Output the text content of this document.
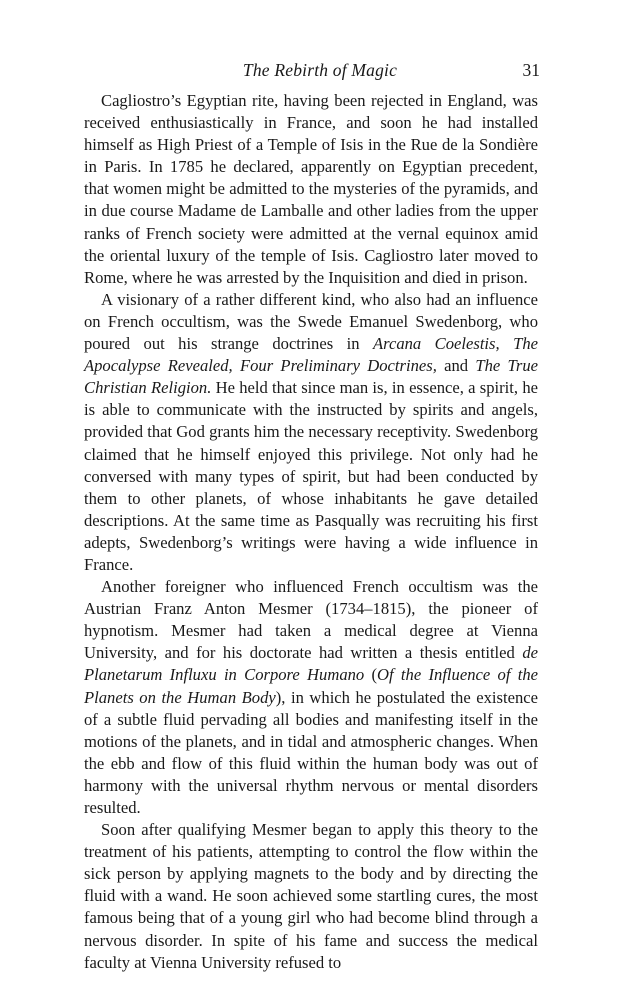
The Rebirth of Magic	31

Cagliostro’s Egyptian rite, having been rejected in England, was received enthusiastically in France, and soon he had installed himself as High Priest of a Temple of Isis in the Rue de la Sondière in Paris. In 1785 he declared, apparently on Egyptian precedent, that women might be admitted to the mysteries of the pyramids, and in due course Madame de Lamballe and other ladies from the upper ranks of French society were admitted at the vernal equinox amid the oriental luxury of the temple of Isis. Cagliostro later moved to Rome, where he was arrested by the Inquisition and died in prison.

A visionary of a rather different kind, who also had an influence on French occultism, was the Swede Emanuel Swedenborg, who poured out his strange doctrines in Arcana Coelestis, The Apocalypse Revealed, Four Preliminary Doctrines, and The True Christian Religion. He held that since man is, in essence, a spirit, he is able to communicate with the instructed by spirits and angels, provided that God grants him the necessary receptivity. Swedenborg claimed that he himself enjoyed this privilege. Not only had he conversed with many types of spirit, but had been conducted by them to other planets, of whose inhabitants he gave detailed descriptions. At the same time as Pasqually was recruiting his first adepts, Swedenborg’s writings were having a wide influence in France.

Another foreigner who influenced French occultism was the Austrian Franz Anton Mesmer (1734–1815), the pioneer of hypnotism. Mesmer had taken a medical degree at Vienna University, and for his doctorate had written a thesis entitled de Planetarum Influxu in Corpore Humano (Of the Influence of the Planets on the Human Body), in which he postulated the existence of a subtle fluid pervading all bodies and manifesting itself in the motions of the planets, and in tidal and atmospheric changes. When the ebb and flow of this fluid within the human body was out of harmony with the universal rhythm nervous or mental disorders resulted.

Soon after qualifying Mesmer began to apply this theory to the treatment of his patients, attempting to control the flow within the sick person by applying magnets to the body and by directing the fluid with a wand. He soon achieved some startling cures, the most famous being that of a young girl who had become blind through a nervous disorder. In spite of his fame and success the medical faculty at Vienna University refused to
